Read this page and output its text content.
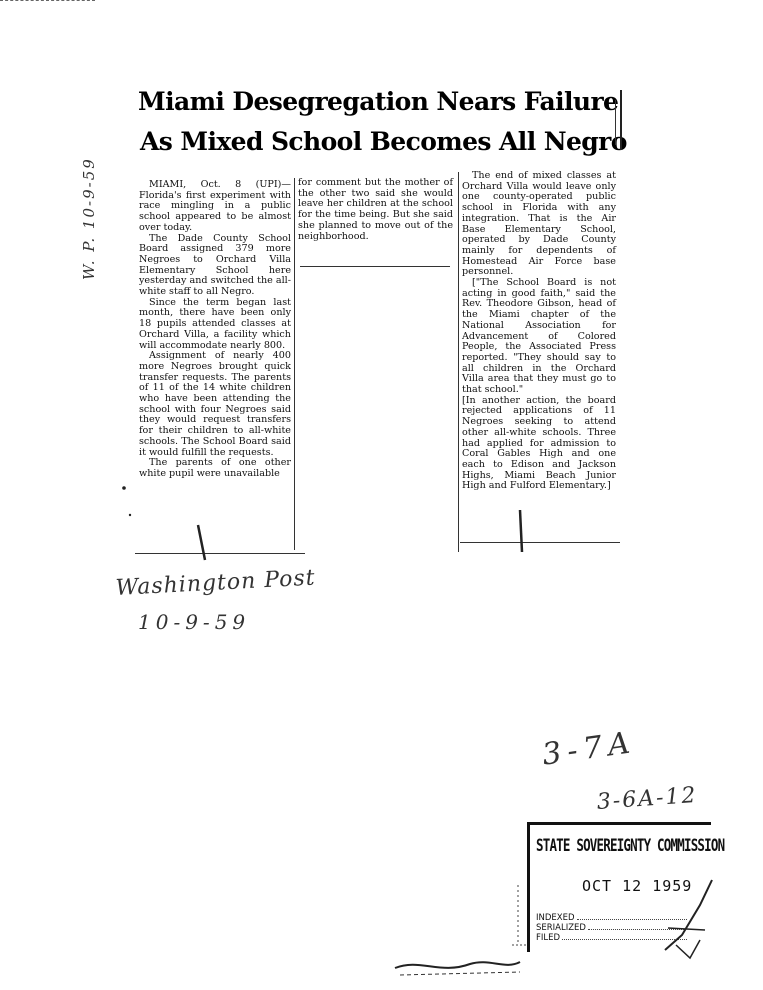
Miami Desegregation Nears Failure
As Mixed School Becomes All Negro

MIAMI, Oct. 8 (UPI)—Florida's first experiment with race mingling in a public school appeared to be almost over today.

The Dade County School Board assigned 379 more Negroes to Orchard Villa Elementary School here yesterday and switched the all-white staff to all Negro.

Since the term began last month, there have been only 18 pupils attended classes at Orchard Villa, a facility which will accommodate nearly 800.

Assignment of nearly 400 more Negroes brought quick transfer requests. The parents of 11 of the 14 white children who have been attending the school with four Negroes said they would request transfers for their children to all-white schools. The School Board said it would fulfill the requests.

The parents of one other white pupil were unavailable

for comment but the mother of the other two said she would leave her children at the school for the time being. But she said she planned to move out of the neighborhood.

The end of mixed classes at Orchard Villa would leave only one county-operated public school in Florida with any integration. That is the Air Base Elementary School, operated by Dade County mainly for dependents of Homestead Air Force base personnel.

["The School Board is not acting in good faith," said the Rev. Theodore Gibson, head of the Miami chapter of the National Association for Advancement of Colored People, the Associated Press reported. "They should say to all children in the Orchard Villa area that they must go to that school."

[In another action, the board rejected applications of 11 Negroes seeking to attend other all-white schools. Three had applied for admission to Coral Gables High and one each to Edison and Jackson Highs, Miami Beach Junior High and Fulford Elementary.]

W. P. 10-9-59
Washington Post
10-9-59
3-7A
3-6A-12
STATE SOVEREIGNTY COMMISSION
OCT 12 1959
INDEXED
SERIALIZED
FILED
